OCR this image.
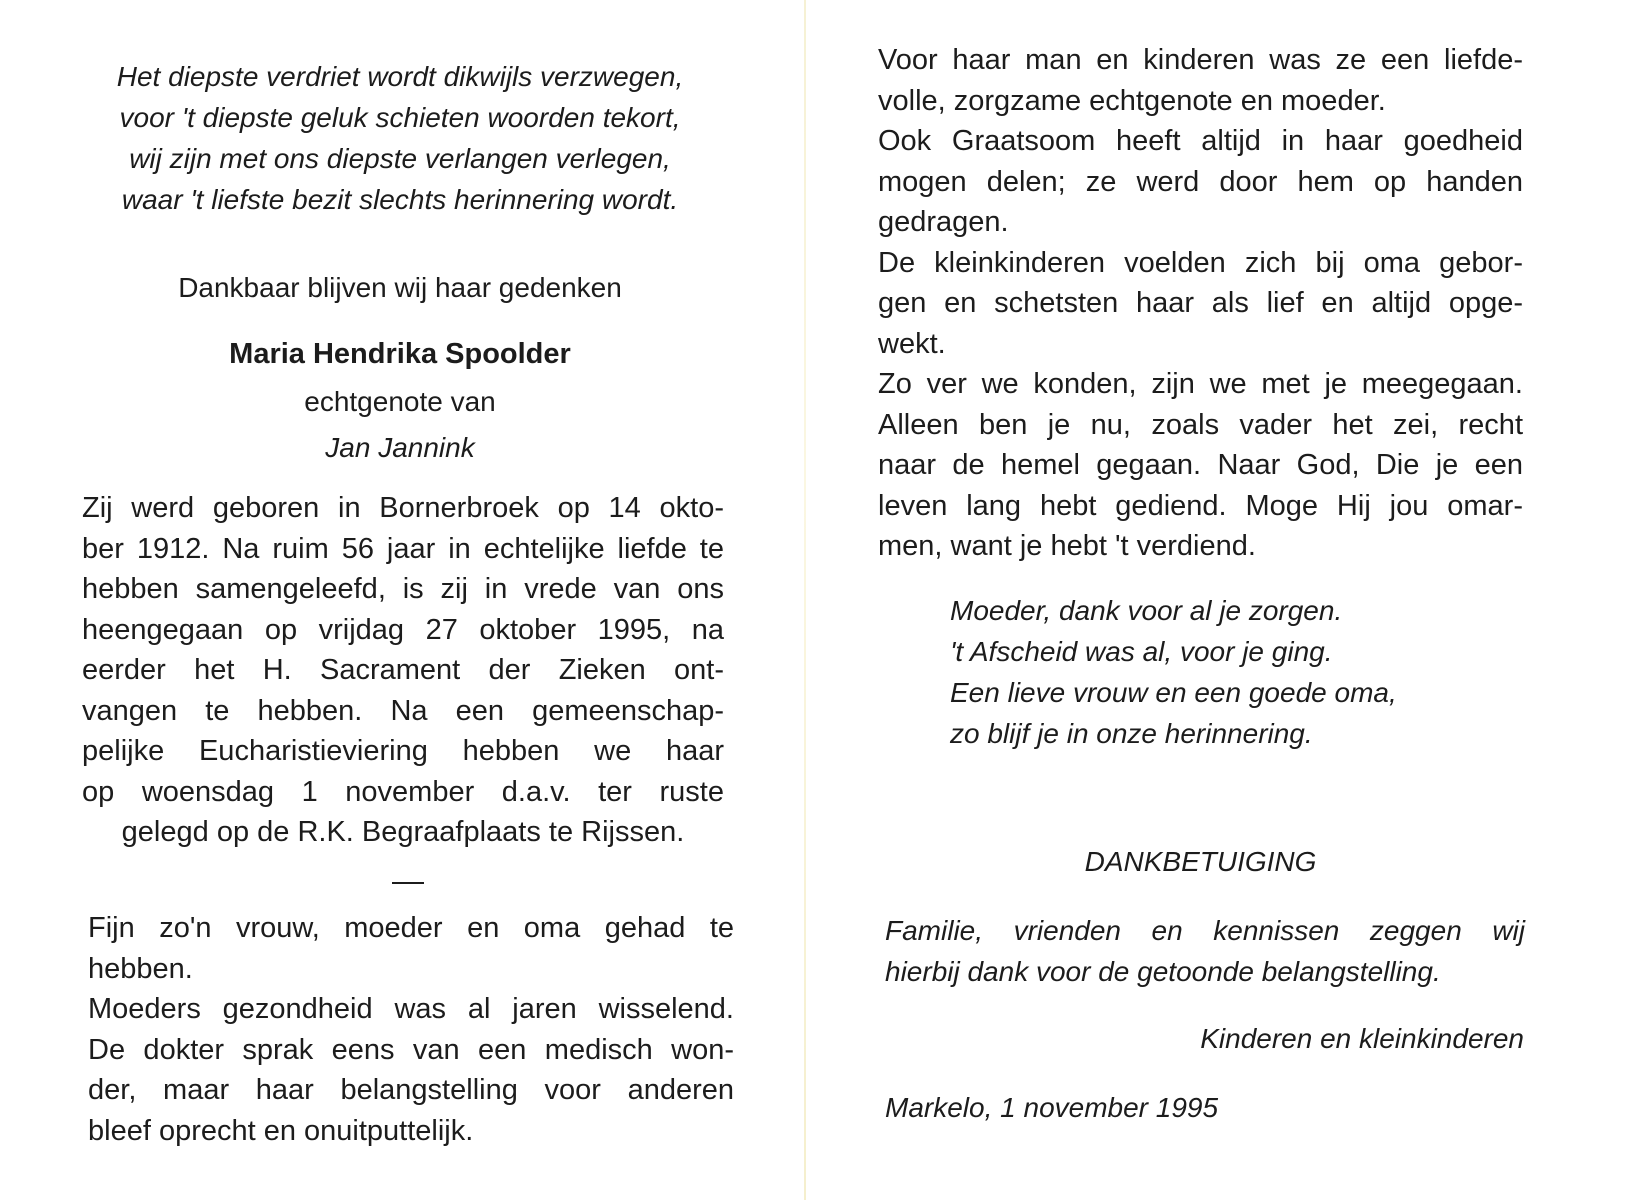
Het diepste verdriet wordt dikwijls verzwegen,
voor 't diepste geluk schieten woorden tekort,
wij zijn met ons diepste verlangen verlegen,
waar 't liefste bezit slechts herinnering wordt.
Dankbaar blijven wij haar gedenken
Maria Hendrika Spoolder
echtgenote van
Jan Jannink
Zij werd geboren in Bornerbroek op 14 okto-
ber 1912. Na ruim 56 jaar in echtelijke liefde te
hebben samengeleefd, is zij in vrede van ons
heengegaan op vrijdag 27 oktober 1995, na
eerder het H. Sacrament der Zieken ont-
vangen te hebben. Na een gemeenschap-
pelijke Eucharistieviering hebben we haar
op woensdag 1 november d.a.v. ter ruste
gelegd op de R.K. Begraafplaats te Rijssen.
Fijn zo'n vrouw, moeder en oma gehad te
hebben.
Moeders gezondheid was al jaren wisselend.
De dokter sprak eens van een medisch won-
der, maar haar belangstelling voor anderen
bleef oprecht en onuitputtelijk.
Voor haar man en kinderen was ze een liefde-
volle, zorgzame echtgenote en moeder.
Ook Graatsoom heeft altijd in haar goedheid
mogen delen; ze werd door hem op handen
gedragen.
De kleinkinderen voelden zich bij oma gebor-
gen en schetsten haar als lief en altijd opge-
wekt.
Zo ver we konden, zijn we met je meegegaan.
Alleen ben je nu, zoals vader het zei, recht
naar de hemel gegaan. Naar God, Die je een
leven lang hebt gediend. Moge Hij jou omar-
men, want je hebt 't verdiend.
Moeder, dank voor al je zorgen.
't Afscheid was al, voor je ging.
Een lieve vrouw en een goede oma,
zo blijf je in onze herinnering.
DANKBETUIGING
Familie, vrienden en kennissen zeggen wij
hierbij dank voor de getoonde belangstelling.
Kinderen en kleinkinderen
Markelo, 1 november 1995
